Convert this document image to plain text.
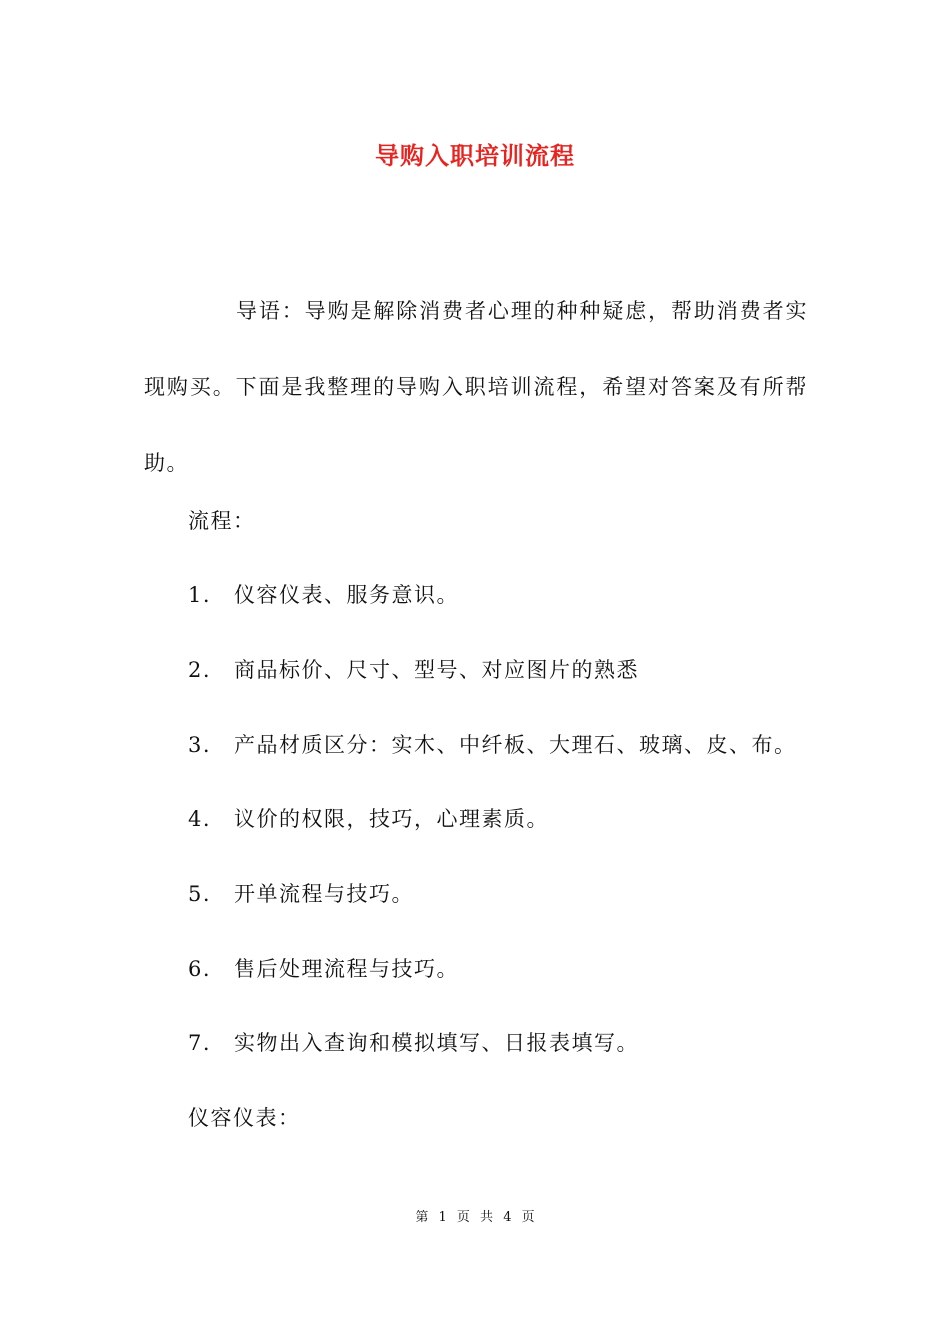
导购入职培训流程
导语：导购是解除消费者心理的种种疑虑，帮助消费者实现购买。下面是我整理的导购入职培训流程，希望对答案及有所帮助。
流程：
1. 仪容仪表、服务意识。
2. 商品标价、尺寸、型号、对应图片的熟悉
3. 产品材质区分：实木、中纤板、大理石、玻璃、皮、布。
4. 议价的权限，技巧，心理素质。
5. 开单流程与技巧。
6. 售后处理流程与技巧。
7. 实物出入查询和模拟填写、日报表填写。
仪容仪表：
第 1 页 共 4 页
